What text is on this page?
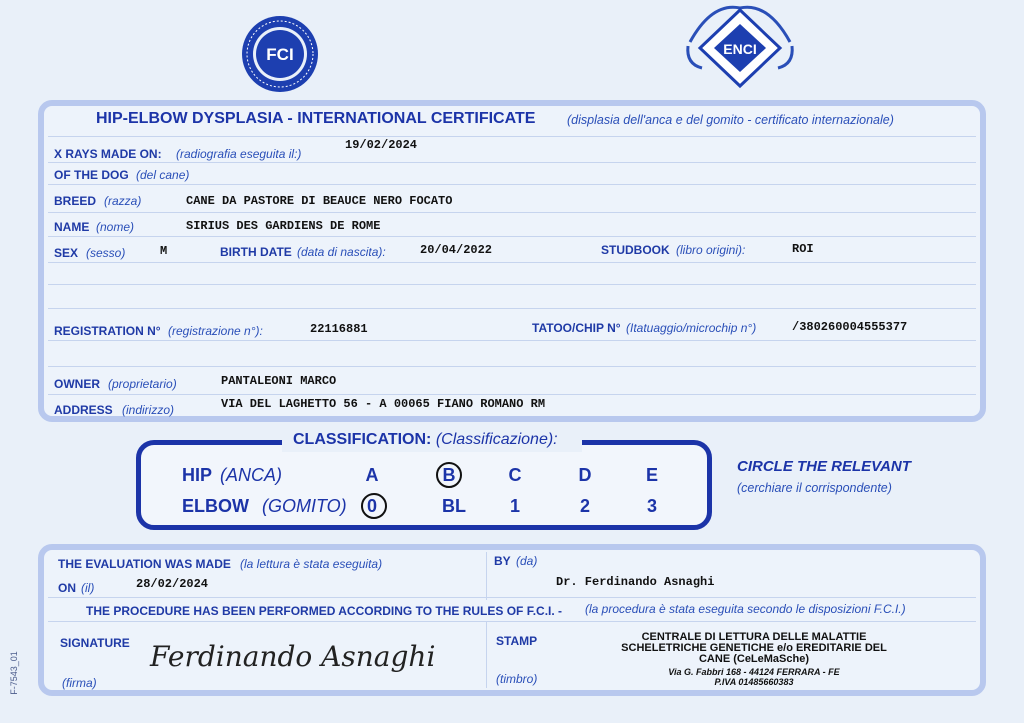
FCI	ENCI
HIP-ELBOW DYSPLASIA - INTERNATIONAL CERTIFICATE	(displasia dell'anca e del gomito - certificato internazionale)
X RAYS MADE ON: (radiografia eseguita il:)
19/02/2024
OF THE DOG (del cane)
BREED (razza)	CANE DA PASTORE DI BEAUCE NERO FOCATO
NAME (nome)	SIRIUS DES GARDIENS DE ROME
SEX (sesso)	M	BIRTH DATE (data di nascita):	20/04/2022	STUDBOOK (libro origini):	ROI
REGISTRATION N° (registrazione n°):	22116881	TATOO/CHIP N° (Itatuaggio/microchip n°)	/380260004555377
OWNER (proprietario)	PANTALEONI MARCO
ADDRESS (indirizzo)	VIA DEL LAGHETTO 56 - A 00065 FIANO ROMANO RM
CLASSIFICATION: (Classificazione):
HIP (ANCA)	A	B	C	D	E
ELBOW (GOMITO)	0	BL	1	2	3
CIRCLE THE RELEVANT
(cerchiare il corrispondente)
THE EVALUATION WAS MADE (la lettura è stata eseguita)	BY (da)
ON (il)	28/02/2024	Dr. Ferdinando Asnaghi
THE PROCEDURE HAS BEEN PERFORMED ACCORDING TO THE RULES OF F.C.I. - (la procedura è stata eseguita secondo le disposizioni F.C.I.)
SIGNATURE
(firma)
Ferdinando Asnaghi	STAMP
(timbro)
CENTRALE DI LETTURA DELLE MALATTIE
SCHELETRICHE GENETICHE e/o EREDITARIE DEL
CANE (CeLeMaSche)
Via G. Fabbri 168 - 44124 FERRARA - FE
P.IVA 01485660383
F-7543_01
